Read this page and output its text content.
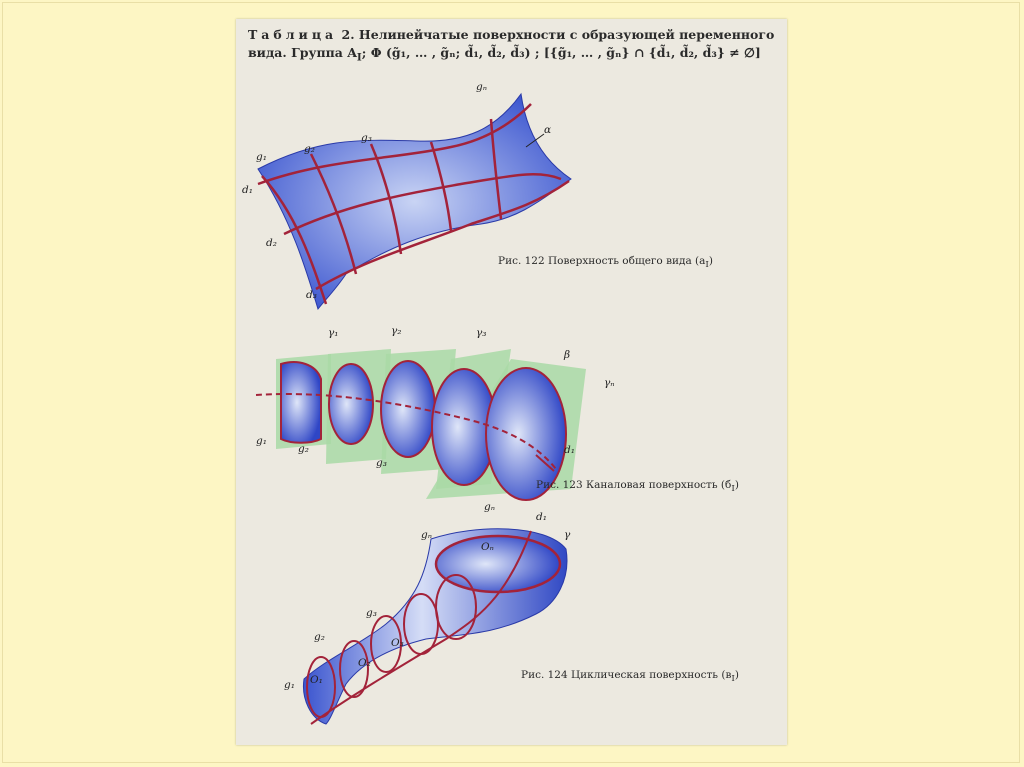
Таблица 2. Нелинейчатые поверхности с образующей переменного
вида. Группа $A_I$; Φ (g̃₁, … , g̃ₙ; d̃₁, d̃₂, d̃₃) ; [{g̃₁, … , g̃ₙ} ∩ {d̃₁, d̃₂, d̃₃} ≠ ∅]
g₁
g₂
g₃
gₙ
α
d₁
d₂
d₃
Рис. 122 Поверхность общего вида $(a_I)$
γ₁	γ₂	γ₃
β
γₙ
g₁
g₂
g₃
gₙ
d₁
Рис. 123 Каналовая поверхность $(б_I)$
gₙ
d₁
Oₙ
γ
g₃
g₂	O₃
O₂
O₁
g₁
Рис. 124 Циклическая поверхность $(в_I)$
